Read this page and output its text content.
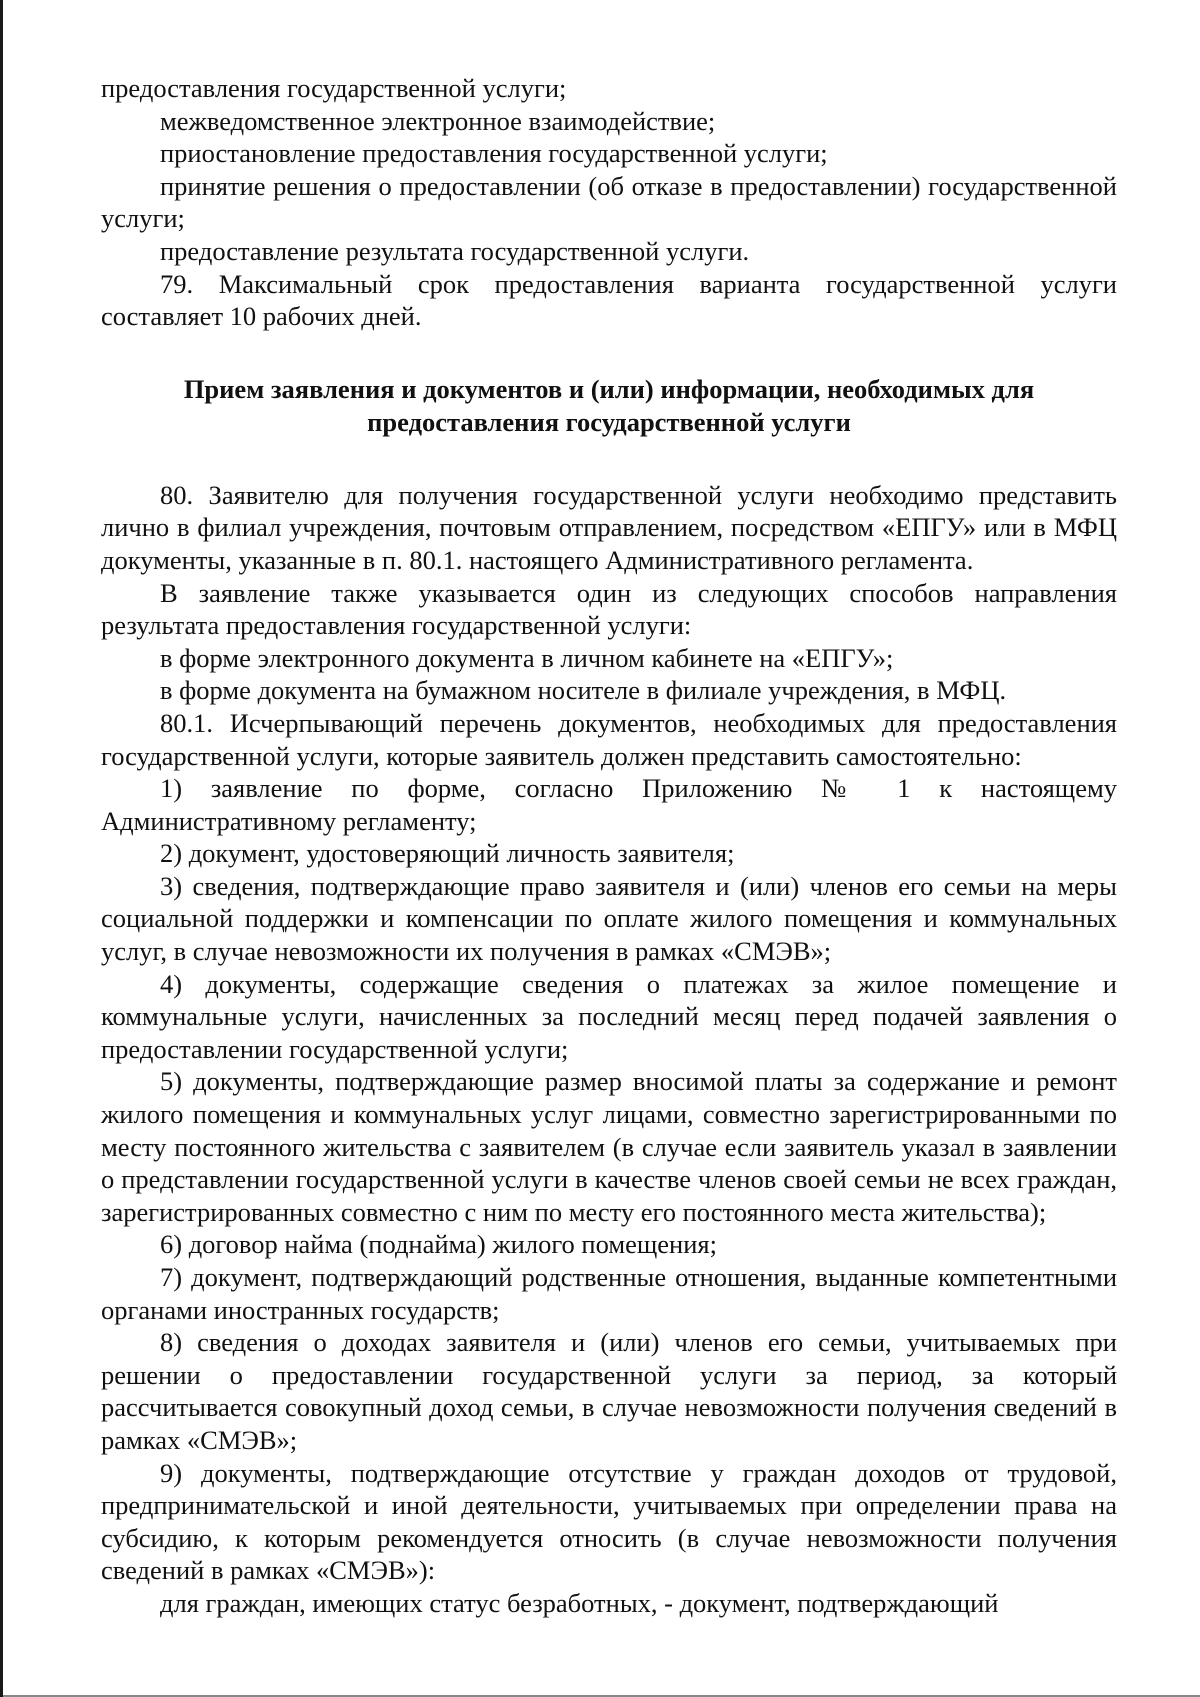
предоставления государственной услуги;

межведомственное электронное взаимодействие;

приостановление предоставления государственной услуги;

принятие решения о предоставлении (об отказе в предоставлении) государственной услуги;

предоставление результата государственной услуги.

79. Максимальный срок предоставления варианта государственной услуги составляет 10 рабочих дней.

Прием заявления и документов и (или) информации, необходимых для предоставления государственной услуги

80. Заявителю для получения государственной услуги необходимо представить лично в филиал учреждения, почтовым отправлением, посредством «ЕПГУ» или в МФЦ документы, указанные в п. 80.1. настоящего Административного регламента.

В заявление также указывается один из следующих способов направления результата предоставления государственной услуги:

в форме электронного документа в личном кабинете на «ЕПГУ»;

в форме документа на бумажном носителе в филиале учреждения, в МФЦ.

80.1. Исчерпывающий перечень документов, необходимых для предоставления государственной услуги, которые заявитель должен представить самостоятельно:

1) заявление по форме, согласно Приложению № 1 к настоящему Административному регламенту;

2) документ, удостоверяющий личность заявителя;

3) сведения, подтверждающие право заявителя и (или) членов его семьи на меры социальной поддержки и компенсации по оплате жилого помещения и коммунальных услуг, в случае невозможности их получения в рамках «СМЭВ»;

4) документы, содержащие сведения о платежах за жилое помещение и коммунальные услуги, начисленных за последний месяц перед подачей заявления о предоставлении государственной услуги;

5) документы, подтверждающие размер вносимой платы за содержание и ремонт жилого помещения и коммунальных услуг лицами, совместно зарегистрированными по месту постоянного жительства с заявителем (в случае если заявитель указал в заявлении о представлении государственной услуги в качестве членов своей семьи не всех граждан, зарегистрированных совместно с ним по месту его постоянного места жительства);

6) договор найма (поднайма) жилого помещения;

7) документ, подтверждающий родственные отношения, выданные компетентными органами иностранных государств;

8) сведения о доходах заявителя и (или) членов его семьи, учитываемых при решении о предоставлении государственной услуги за период, за который рассчитывается совокупный доход семьи, в случае невозможности получения сведений в рамках «СМЭВ»;

9) документы, подтверждающие отсутствие у граждан доходов от трудовой, предпринимательской и иной деятельности, учитываемых при определении права на субсидию, к которым рекомендуется относить (в случае невозможности получения сведений в рамках «СМЭВ»):

для граждан, имеющих статус безработных, - документ, подтверждающий
